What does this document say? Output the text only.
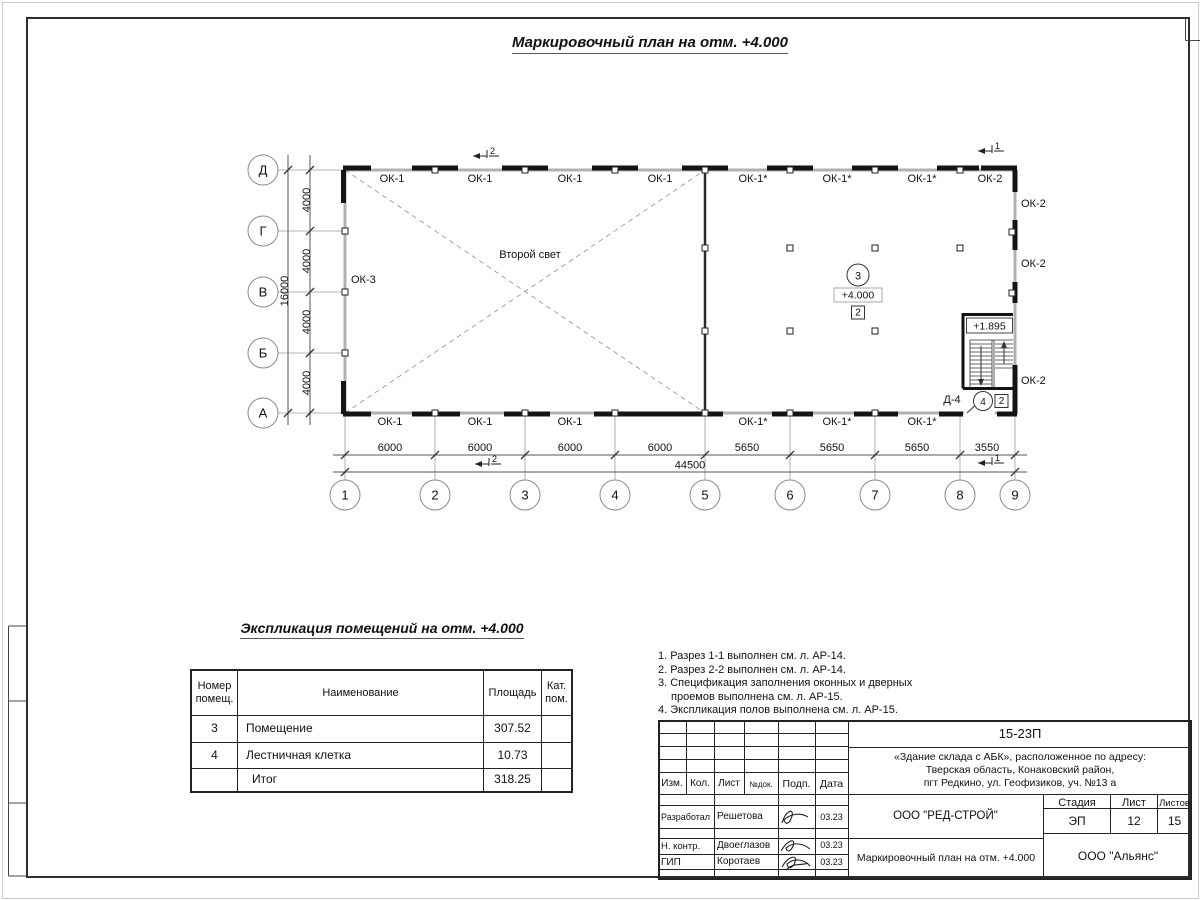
Маркировочный план на отм. +4.000
+1.895
3
+4.000
2
Д-4 4 2
Второй свет
ОК-1	ОК-1	ОК-1	ОК-1	ОК-1*	ОК-1*	ОК-1*	ОК-2
ОК-1	ОК-1	ОК-1	ОК-1*	ОК-1*	ОК-1*
ОК-2
ОК-2
ОК-2
ОК-3
2	1
2	1
6000	6000	6000	6000	5650	5650	5650	3550
44500
4000
4000
4000
4000
16000
1	2	3	4	5	6	7	8	9
Д
Г
В
Б
А
Экспликация помещений на отм. +4.000
Номер помещ.
Наименование	Площадь
Кат. пом.
3	Помещение	307.52
4	Лестничная клетка	10.73
Итог	318.25
1. Разрез 1-1 выполнен см. л. АР-14.
2. Разрез 2-2 выполнен см. л. АР-14.
3. Спецификация заполнения оконных и дверных
проемов выполнена см. л. АР-15.
4. Экспликация полов выполнена см. л. АР-15.
15-23П
«Здание склада с АБК», расположенное по адресу:
Тверская область, Конаковский район,
пгт Редкино, ул. Геофизиков, уч. №13 а
ООО "РЕД-СТРОЙ"
Маркировочный план на отм. +4.000	ООО "Альянс"
Стадия	Лист	Листов
ЭП	12	15
Изм. Кол. Лист	№док. Подп. Дата
Разработал Решетова	03.23
Н. контр. Двоеглазов	03.23
ГИП	Коротаев	03.23
